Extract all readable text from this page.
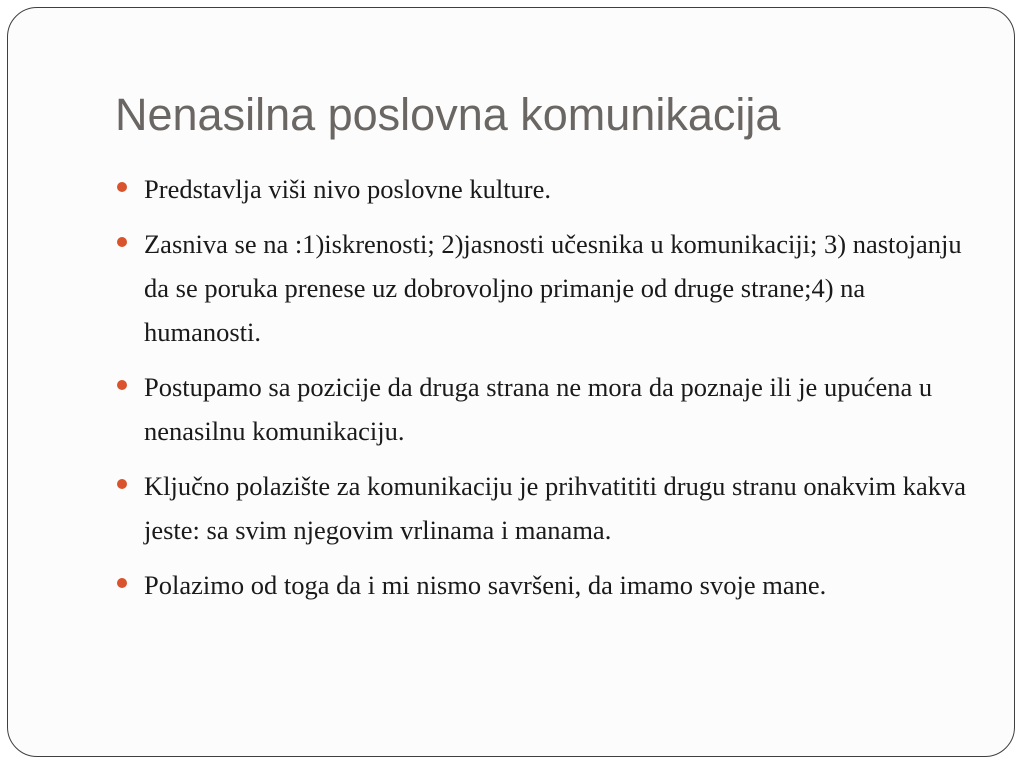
Nenasilna poslovna komunikacija
Predstavlja viši nivo poslovne kulture.
Zasniva se na :1)iskrenosti; 2)jasnosti učesnika u komunikaciji; 3) nastojanju da se poruka prenese uz dobrovoljno primanje od druge strane;4) na humanosti.
Postupamo sa pozicije da druga strana ne mora da poznaje ili je upućena u nenasilnu komunikaciju.
Ključno polazište za komunikaciju je prihvatititi drugu stranu onakvim kakva jeste: sa svim njegovim vrlinama i manama.
Polazimo od toga da i mi nismo savršeni, da imamo svoje mane.
